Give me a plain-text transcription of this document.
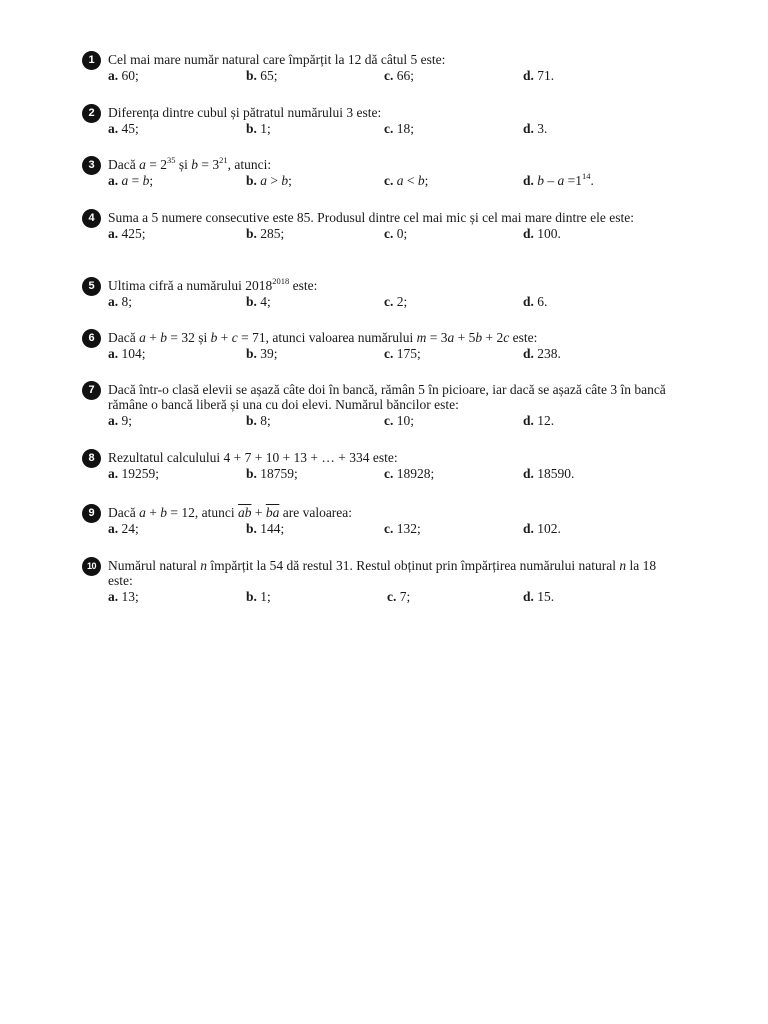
1 Cel mai mare număr natural care împărțit la 12 dă câtul 5 este:
a. 60;	b. 65;	c. 66;	d. 71.
2 Diferența dintre cubul și pătratul numărului 3 este:
a. 45;	b. 1;	c. 18;	d. 3.
3 Dacă $a = 2^{35}$ și $b = 3^{21}$, atunci:
a. a = b;	b. a > b;	c. a < b;	d. $b - a =1^{14}$.
4 Suma a 5 numere consecutive este 85. Produsul dintre cel mai mic și cel mai mare dintre ele este:
a. 425;	b. 285;	c. 0;	d. 100.
5 Ultima cifră a numărului $2018^{2018}$ este:
a. 8;	b. 4;	c. 2;	d. 6.
6 Dacă a + b = 32 și b + c = 71, atunci valoarea numărului m = 3a + 5b + 2c este:
a. 104;	b. 39;	c. 175;	d. 238.
7 Dacă într-o clasă elevii se așază câte doi în bancă, rămân 5 în picioare, iar dacă se așază câte 3 în bancă rămâne o bancă liberă și una cu doi elevi. Numărul băncilor este:
a. 9;	b. 8;	c. 10;	d. 12.
8 Rezultatul calculului 4 + 7 + 10 + 13 + … + 334 este:
a. 19259;	b. 18759;	c. 18928;	d. 18590.
9 Dacă a + b = 12, atunci $\overline{ab} + \overline{ba}$ are valoarea:
a. 24;	b. 144;	c. 132;	d. 102.
10 Numărul natural n împărțit la 54 dă restul 31. Restul obținut prin împărțirea numărului natural n la 18 este:
a. 13;	b. 1;	c. 7;	d. 15.
